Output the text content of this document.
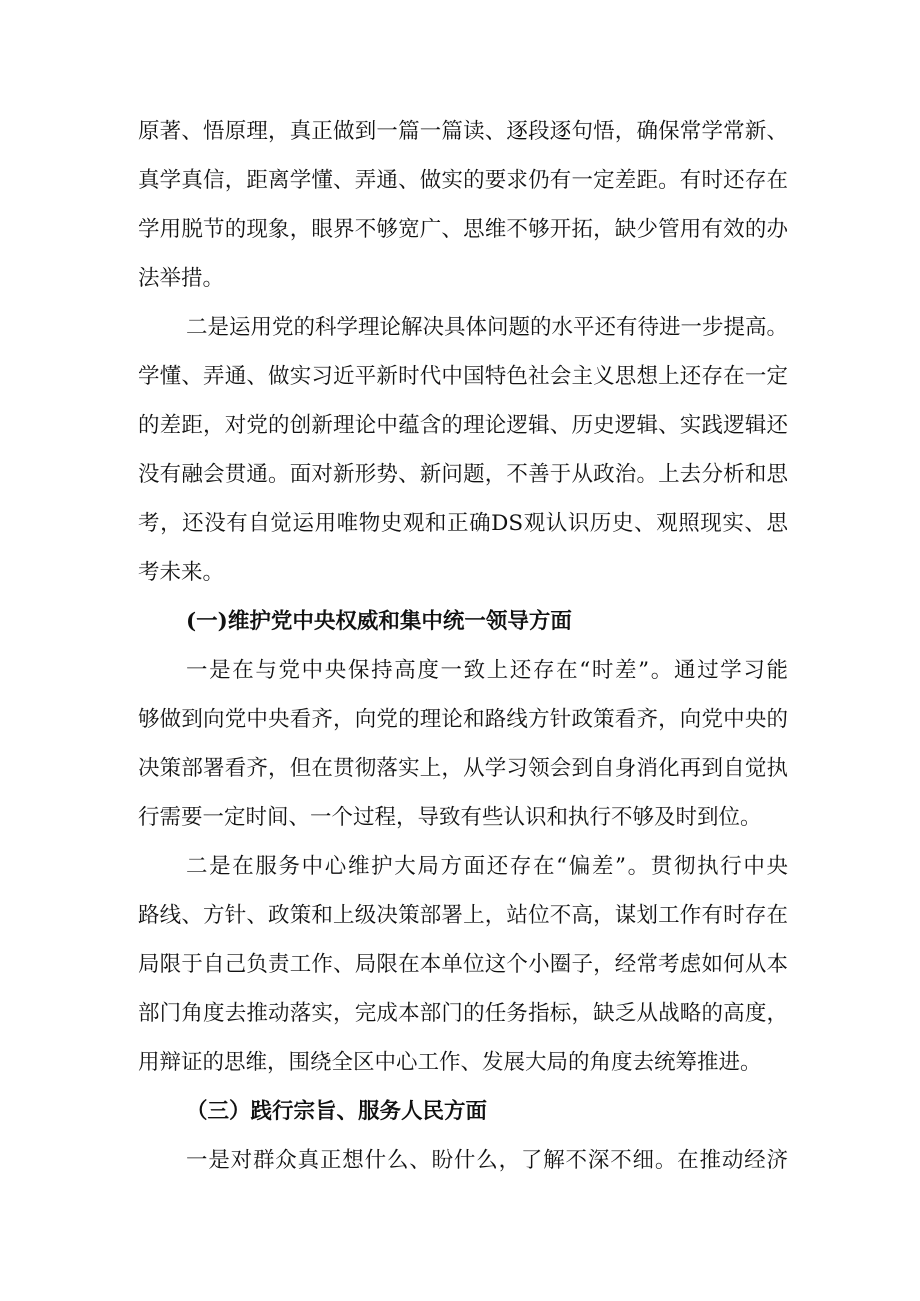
原著、悟原理，真正做到一篇一篇读、逐段逐句悟，确保常学常新、
真学真信，距离学懂、弄通、做实的要求仍有一定差距。有时还存在
学用脱节的现象，眼界不够宽广、思维不够开拓，缺少管用有效的办
法举措。
二是运用党的科学理论解决具体问题的水平还有待进一步提高。
学懂、弄通、做实习近平新时代中国特色社会主义思想上还存在一定
的差距，对党的创新理论中蕴含的理论逻辑、历史逻辑、实践逻辑还
没有融会贯通。面对新形势、新问题，不善于从政治。上去分析和思
考，还没有自觉运用唯物史观和正确DS观认识历史、观照现实、思
考未来。
(一)维护党中央权威和集中统一领导方面
一是在与党中央保持高度一致上还存在“时差”。通过学习能
够做到向党中央看齐，向党的理论和路线方针政策看齐，向党中央的
决策部署看齐，但在贯彻落实上，从学习领会到自身消化再到自觉执
行需要一定时间、一个过程，导致有些认识和执行不够及时到位。
二是在服务中心维护大局方面还存在“偏差”。贯彻执行中央
路线、方针、政策和上级决策部署上，站位不高，谋划工作有时存在
局限于自己负责工作、局限在本单位这个小圈子，经常考虑如何从本
部门角度去推动落实，完成本部门的任务指标，缺乏从战略的高度，
用辩证的思维，围绕全区中心工作、发展大局的角度去统筹推进。
（三）践行宗旨、服务人民方面
一是对群众真正想什么、盼什么，了解不深不细。在推动经济
